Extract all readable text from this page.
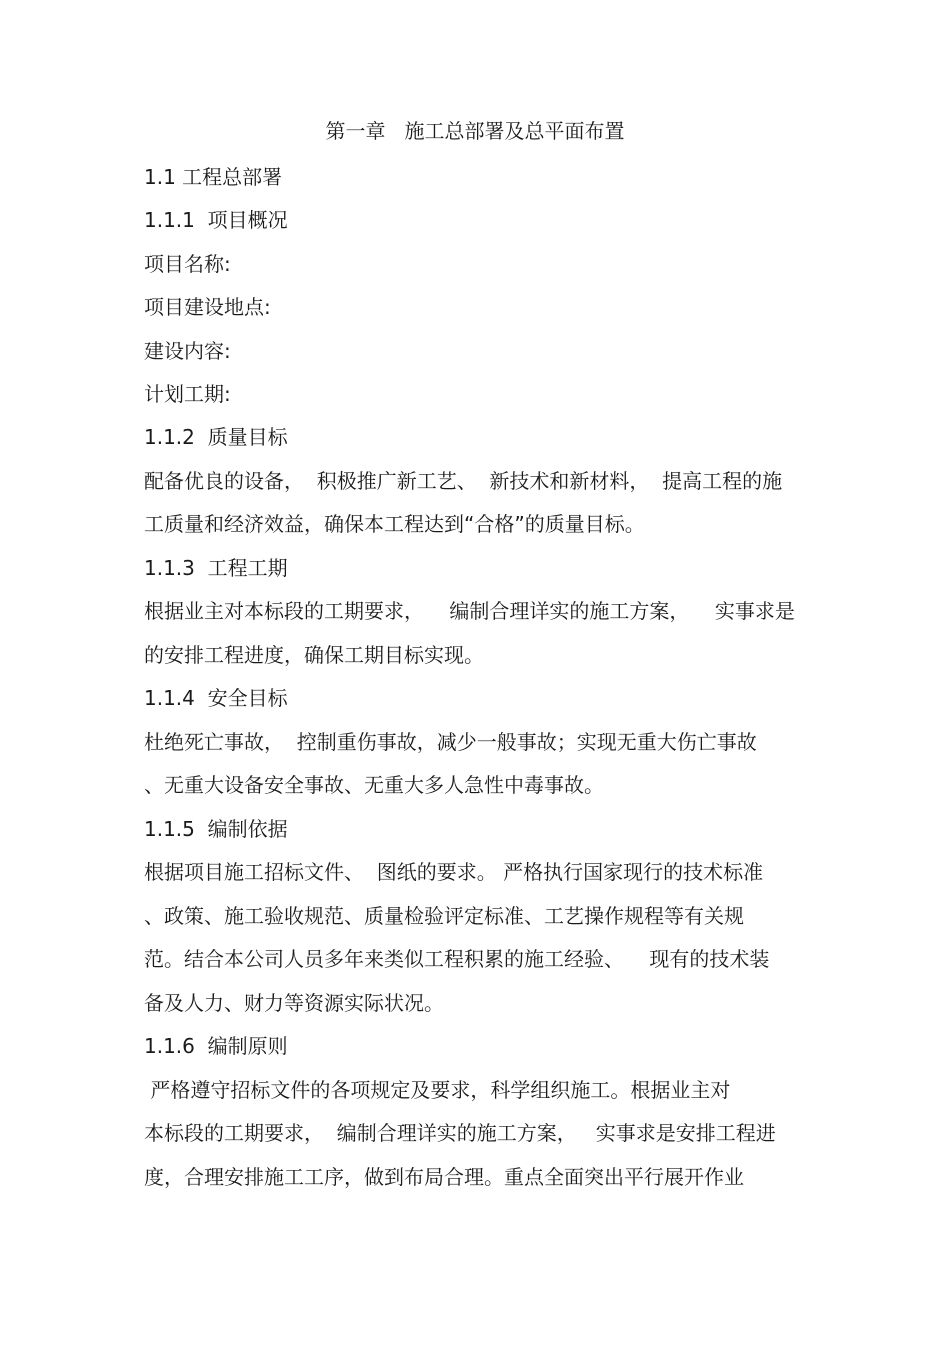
第一章   施工总部署及总平面布置
1.1 工程总部署
1.1.1  项目概况
项目名称:
项目建设地点:
建设内容:
计划工期:
1.1.2  质量目标
配备优良的设备，  积极推广新工艺、  新技术和新材料，  提高工程的施
工质量和经济效益，确保本工程达到“合格”的质量目标。
1.1.3  工程工期
根据业主对本标段的工期要求，    编制合理详实的施工方案，    实事求是
的安排工程进度，确保工期目标实现。
1.1.4  安全目标
杜绝死亡事故，  控制重伤事故，减少一般事故；实现无重大伤亡事故
、无重大设备安全事故、无重大多人急性中毒事故。
1.1.5  编制依据
根据项目施工招标文件、  图纸的要求。 严格执行国家现行的技术标准
、政策、施工验收规范、质量检验评定标准、工艺操作规程等有关规
范。结合本公司人员多年来类似工程积累的施工经验、    现有的技术装
备及人力、财力等资源实际状况。
1.1.6  编制原则
严格遵守招标文件的各项规定及要求，科学组织施工。根据业主对
本标段的工期要求，  编制合理详实的施工方案，   实事求是安排工程进
度，合理安排施工工序，做到布局合理。重点全面突出平行展开作业
